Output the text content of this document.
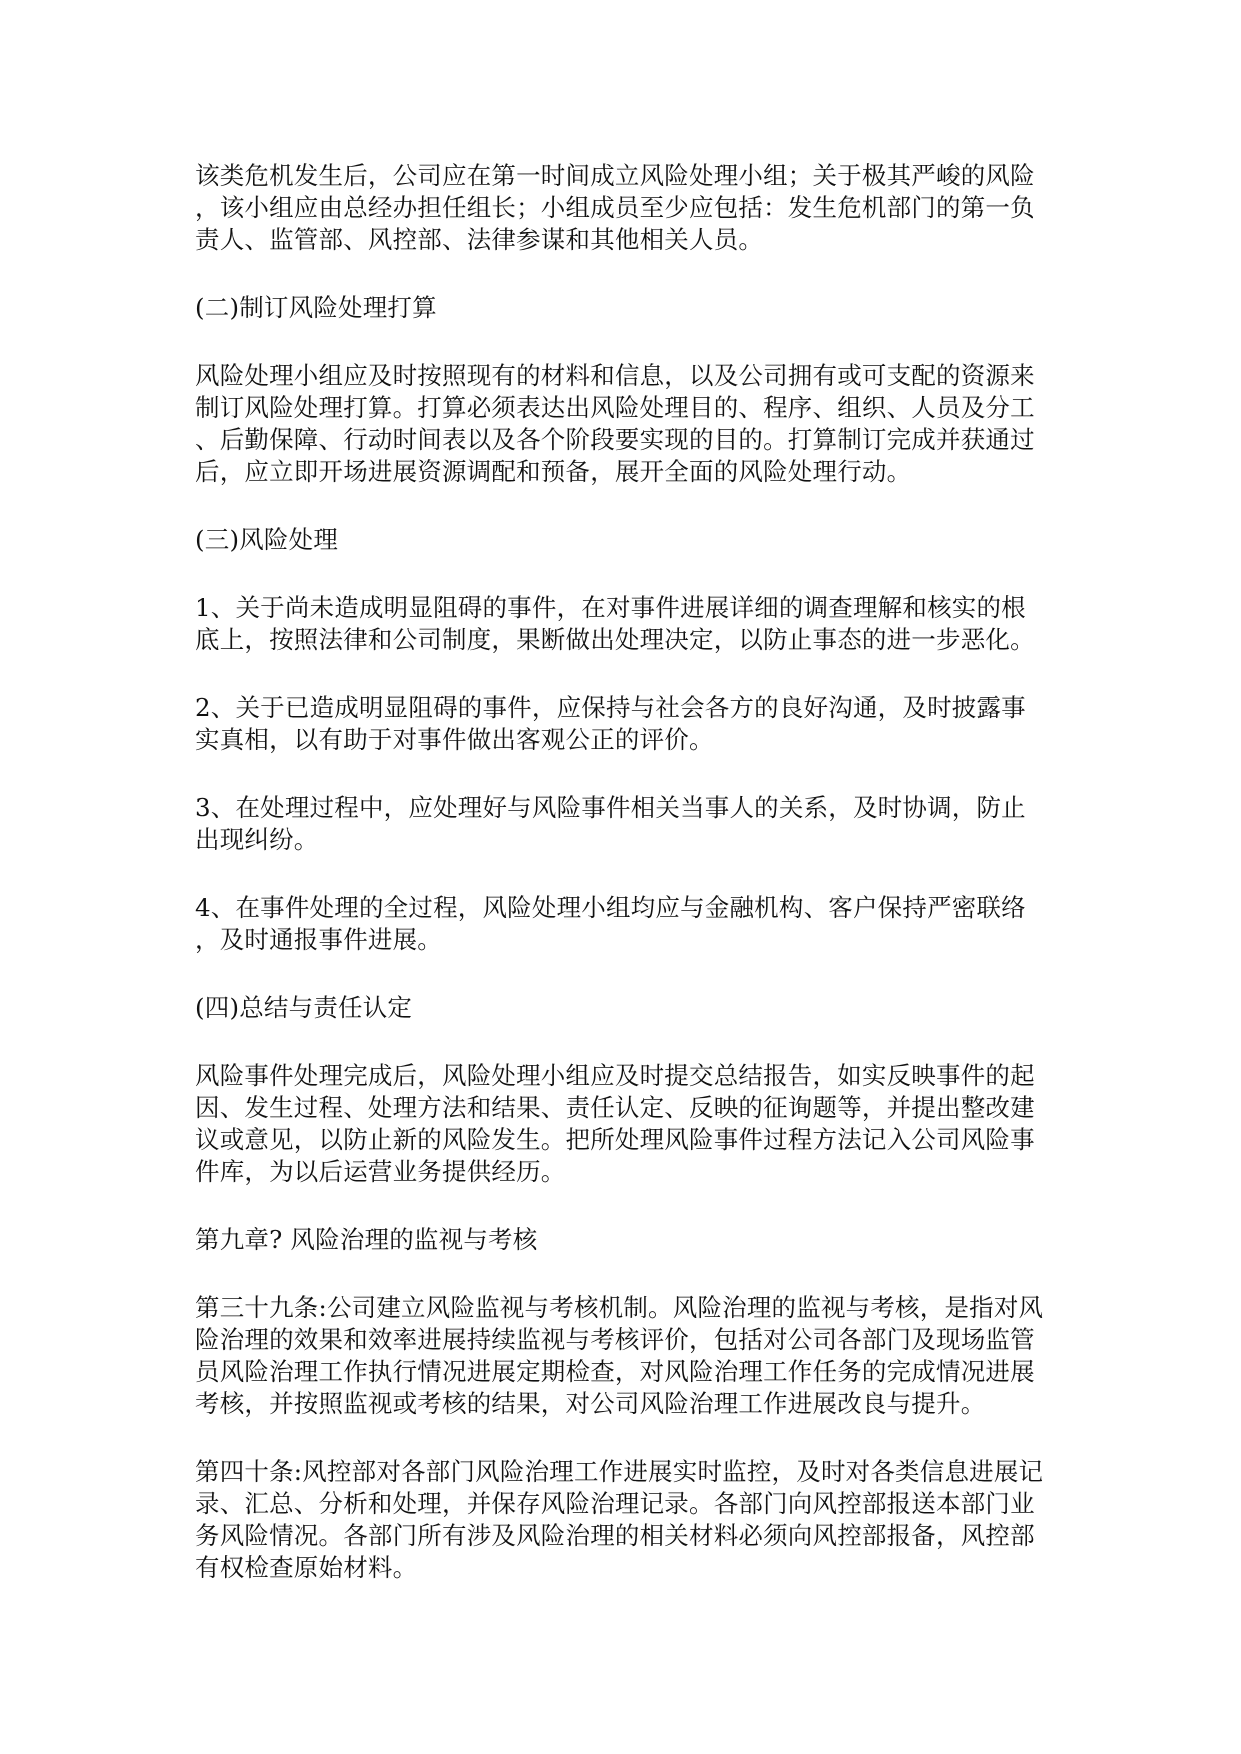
该类危机发生后，公司应在第一时间成立风险处理小组；关于极其严峻的风险
，该小组应由总经办担任组长；小组成员至少应包括：发生危机部门的第一负
责人、监管部、风控部、法律参谋和其他相关人员。
(二)制订风险处理打算
风险处理小组应及时按照现有的材料和信息，以及公司拥有或可支配的资源来
制订风险处理打算。打算必须表达出风险处理目的、程序、组织、人员及分工
、后勤保障、行动时间表以及各个阶段要实现的目的。打算制订完成并获通过
后，应立即开场进展资源调配和预备，展开全面的风险处理行动。
(三)风险处理
1、关于尚未造成明显阻碍的事件，在对事件进展详细的调查理解和核实的根
底上，按照法律和公司制度，果断做出处理决定，以防止事态的进一步恶化。
2、关于已造成明显阻碍的事件，应保持与社会各方的良好沟通，及时披露事
实真相，以有助于对事件做出客观公正的评价。
3、在处理过程中，应处理好与风险事件相关当事人的关系，及时协调，防止
出现纠纷。
4、在事件处理的全过程，风险处理小组均应与金融机构、客户保持严密联络
，及时通报事件进展。
(四)总结与责任认定
风险事件处理完成后，风险处理小组应及时提交总结报告，如实反映事件的起
因、发生过程、处理方法和结果、责任认定、反映的征询题等，并提出整改建
议或意见，以防止新的风险发生。把所处理风险事件过程方法记入公司风险事
件库，为以后运营业务提供经历。
第九章? 风险治理的监视与考核
第三十九条:公司建立风险监视与考核机制。风险治理的监视与考核，是指对风
险治理的效果和效率进展持续监视与考核评价，包括对公司各部门及现场监管
员风险治理工作执行情况进展定期检查，对风险治理工作任务的完成情况进展
考核，并按照监视或考核的结果，对公司风险治理工作进展改良与提升。
第四十条:风控部对各部门风险治理工作进展实时监控，及时对各类信息进展记
录、汇总、分析和处理，并保存风险治理记录。各部门向风控部报送本部门业
务风险情况。各部门所有涉及风险治理的相关材料必须向风控部报备，风控部
有权检查原始材料。
